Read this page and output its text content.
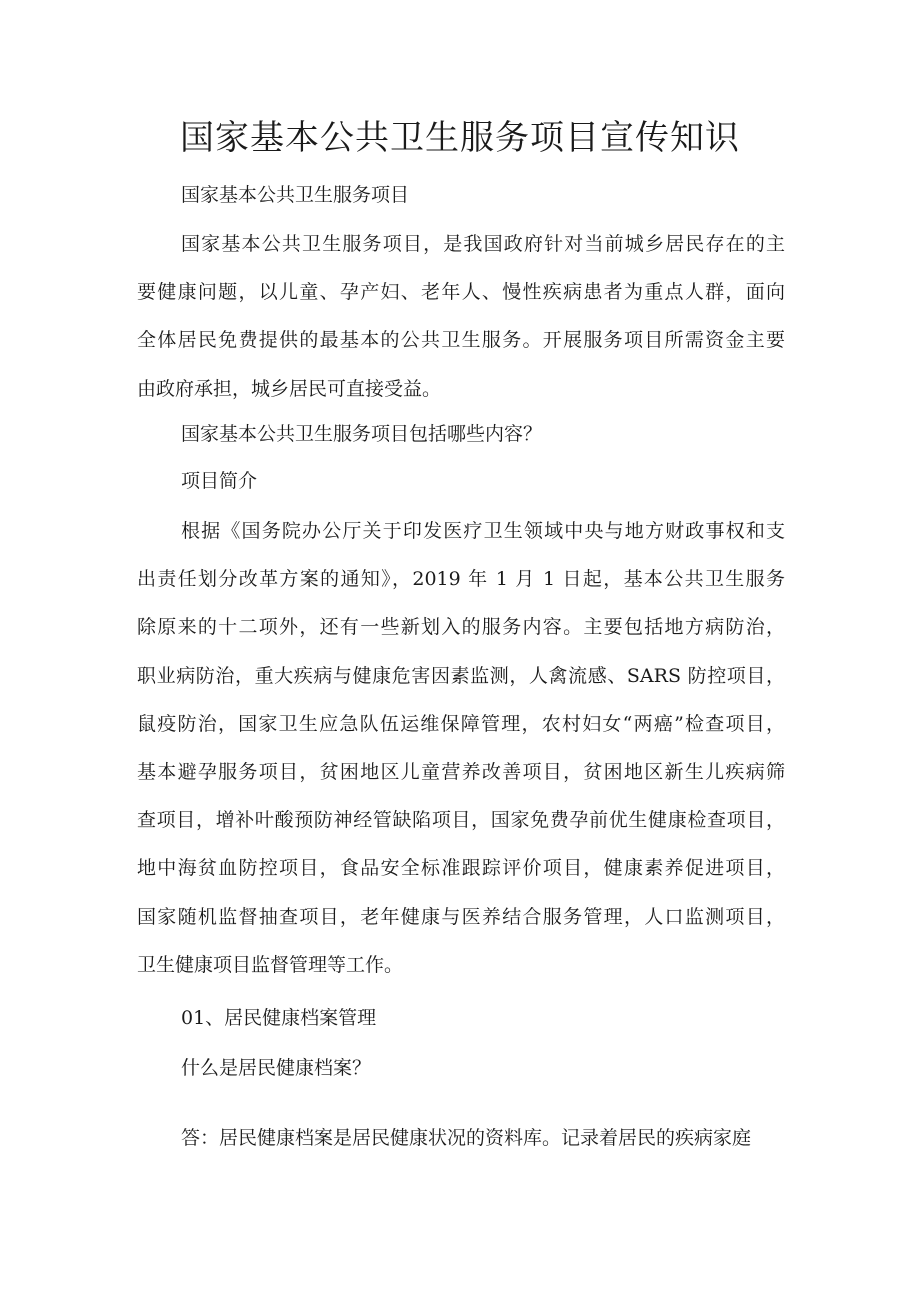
国家基本公共卫生服务项目宣传知识

国家基本公共卫生服务项目

国家基本公共卫生服务项目，是我国政府针对当前城乡居民存在的主
要健康问题，以儿童、孕产妇、老年人、慢性疾病患者为重点人群，面向
全体居民免费提供的最基本的公共卫生服务。开展服务项目所需资金主要
由政府承担，城乡居民可直接受益。

国家基本公共卫生服务项目包括哪些内容？

项目简介

根据《国务院办公厅关于印发医疗卫生领域中央与地方财政事权和支
出责任划分改革方案的通知》，2019 年 1 月 1 日起，基本公共卫生服务
除原来的十二项外，还有一些新划入的服务内容。主要包括地方病防治，
职业病防治，重大疾病与健康危害因素监测，人禽流感、SARS 防控项目，
鼠疫防治，国家卫生应急队伍运维保障管理，农村妇女“两癌”检查项目，
基本避孕服务项目，贫困地区儿童营养改善项目，贫困地区新生儿疾病筛
查项目，增补叶酸预防神经管缺陷项目，国家免费孕前优生健康检查项目，
地中海贫血防控项目，食品安全标准跟踪评价项目，健康素养促进项目，
国家随机监督抽查项目，老年健康与医养结合服务管理，人口监测项目，
卫生健康项目监督管理等工作。

01、居民健康档案管理

什么是居民健康档案？

答：居民健康档案是居民健康状况的资料库。记录着居民的疾病家庭
